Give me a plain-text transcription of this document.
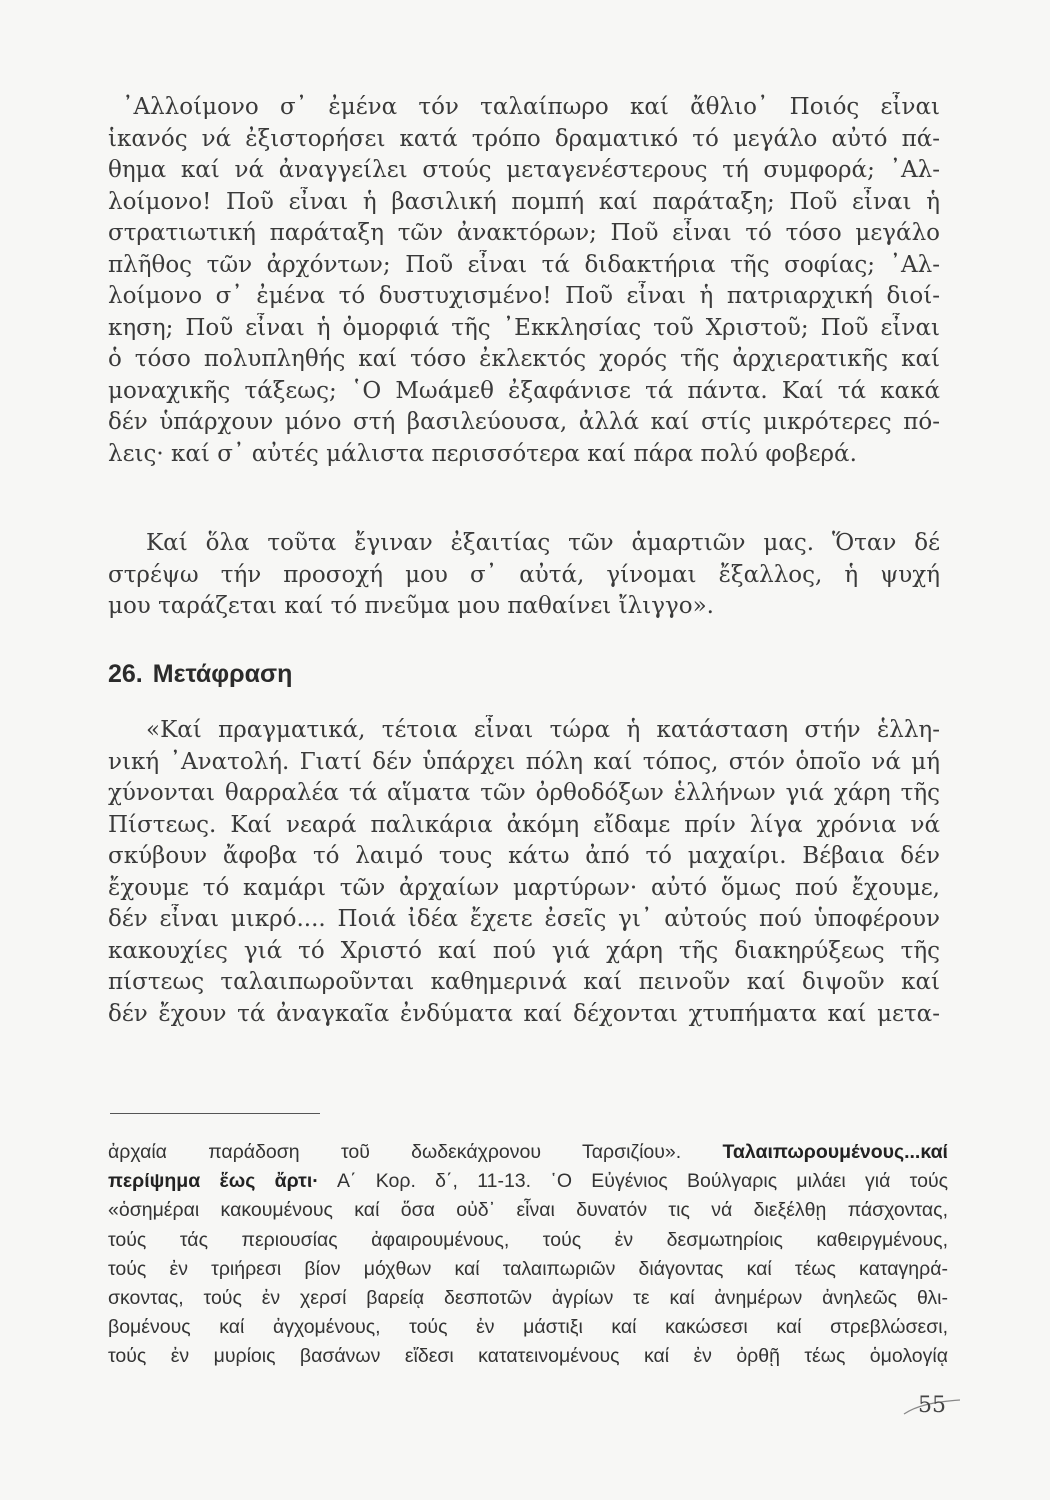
᾽Αλλοίμονο σ᾽ ἐμένα τόν ταλαίπωρο καί ἄθλιο᾽ Ποιός εἶναι
ἱκανός νά ἐξιστορήσει κατά τρόπο δραματικό τό μεγάλο αὐτό πά-
θημα καί νά ἀναγγείλει στούς μεταγενέστερους τή συμφορά; ᾽Αλ-
λοίμονο! Ποῦ εἶναι ἡ βασιλική πομπή καί παράταξη; Ποῦ εἶναι ἡ
στρατιωτική παράταξη τῶν ἀνακτόρων; Ποῦ εἶναι τό τόσο μεγάλο
πλῆθος τῶν ἀρχόντων; Ποῦ εἶναι τά διδακτήρια τῆς σοφίας; ᾽Αλ-
λοίμονο σ᾽ ἐμένα τό δυστυχισμένο! Ποῦ εἶναι ἡ πατριαρχική διοί-
κηση; Ποῦ εἶναι ἡ ὀμορφιά τῆς ᾽Εκκλησίας τοῦ Χριστοῦ; Ποῦ εἶναι
ὁ τόσο πολυπληθής καί τόσο ἐκλεκτός χορός τῆς ἀρχιερατικῆς καί
μοναχικῆς τάξεως; ῾Ο Μωάμεθ ἐξαφάνισε τά πάντα. Καί τά κακά
δέν ὑπάρχουν μόνο στή βασιλεύουσα, ἀλλά καί στίς μικρότερες πό-
λεις· καί σ᾽ αὐτές μάλιστα περισσότερα καί πάρα πολύ φοβερά.
Καί ὅλα τοῦτα ἔγιναν ἐξαιτίας τῶν ἁμαρτιῶν μας. Ὅταν δέ
στρέψω τήν προσοχή μου σ᾽ αὐτά, γίνομαι ἔξαλλος, ἡ ψυχή
μου ταράζεται καί τό πνεῦμα μου παθαίνει ἴλιγγο».
26. Μετάφραση
«Καί πραγματικά, τέτοια εἶναι τώρα ἡ κατάσταση στήν ἑλλη-
νική ᾽Ανατολή. Γιατί δέν ὑπάρχει πόλη καί τόπος, στόν ὁποῖο νά μή
χύνονται θαρραλέα τά αἵματα τῶν ὀρθοδόξων ἑλλήνων γιά χάρη τῆς
Πίστεως. Καί νεαρά παλικάρια ἀκόμη εἴδαμε πρίν λίγα χρόνια νά
σκύβουν ἄφοβα τό λαιμό τους κάτω ἀπό τό μαχαίρι. Βέβαια δέν
ἔχουμε τό καμάρι τῶν ἀρχαίων μαρτύρων· αὐτό ὅμως πού ἔχουμε,
δέν εἶναι μικρό.... Ποιά ἰδέα ἔχετε ἐσεῖς γι᾽ αὐτούς πού ὑποφέρουν
κακουχίες γιά τό Χριστό καί πού γιά χάρη τῆς διακηρύξεως τῆς
πίστεως ταλαιπωροῦνται καθημερινά καί πεινοῦν καί διψοῦν καί
δέν ἔχουν τά ἀναγκαῖα ἐνδύματα καί δέχονται χτυπήματα καί μετα-
ἀρχαία παράδοση τοῦ δωδεκάχρονου Ταρσιζίου». Ταλαιπωρουμένους...καί
περίψημα ἕως ἄρτι· Α΄ Κορ. δ΄, 11-13. ῾Ο Εὐγένιος Βούλγαρις μιλάει γιά τούς
«ὁσημέραι κακουμένους καί ὅσα οὐδ᾽ εἶναι δυνατόν τις νά διεξέλθῃ πάσχοντας,
τούς τάς περιουσίας ἀφαιρουμένους, τούς ἐν δεσμωτηρίοις καθειργμένους,
τούς ἐν τριήρεσι βίον μόχθων καί ταλαιπωριῶν διάγοντας καί τέως καταγηρά-
σκοντας, τούς ἐν χερσί βαρείᾳ δεσποτῶν ἀγρίων τε καί ἀνημέρων ἀνηλεῶς θλι-
βομένους καί ἀγχομένους, τούς ἐν μάστιξι καί κακώσεσι καί στρεβλώσεσι,
τούς ἐν μυρίοις βασάνων εἴδεσι κατατεινομένους καί ἐν ὀρθῇ τέως ὁμολογίᾳ
55
